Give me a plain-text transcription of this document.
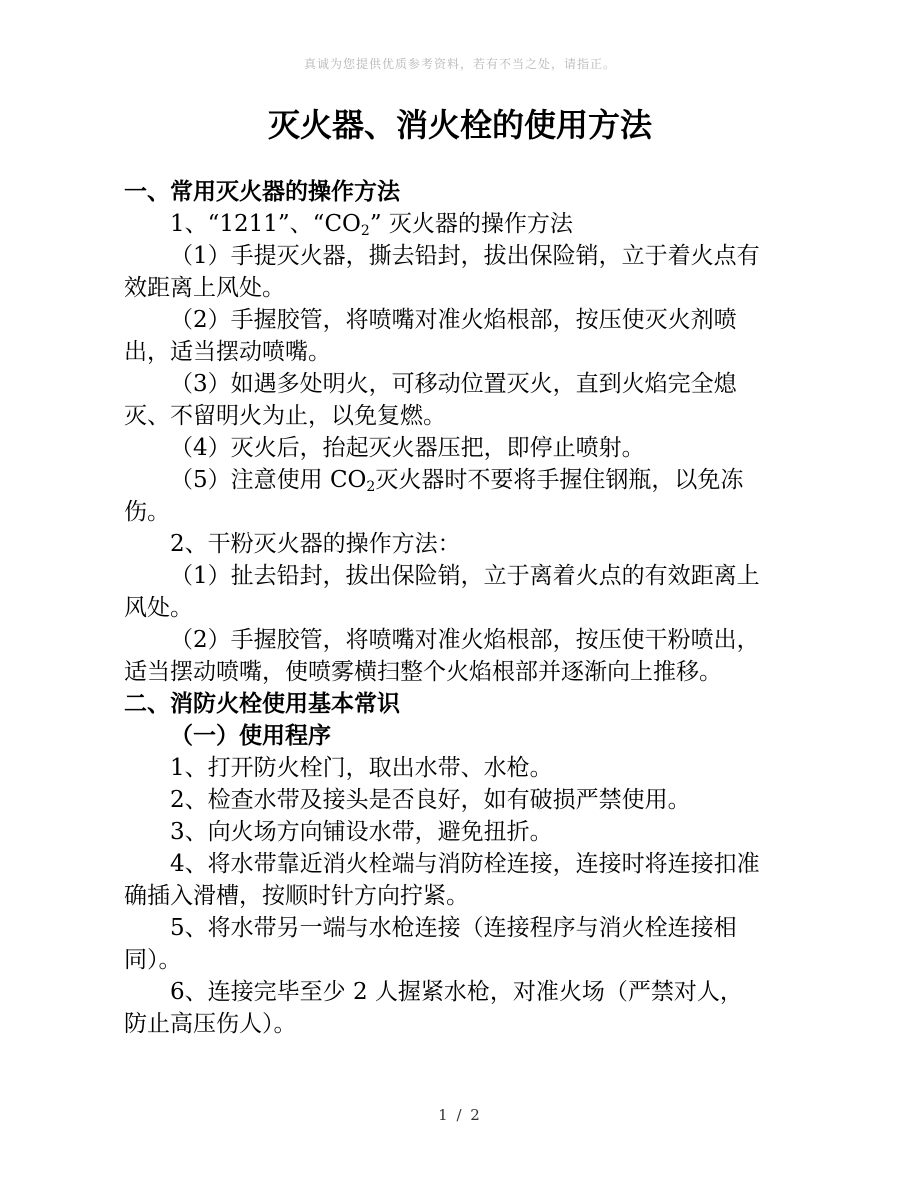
真诚为您提供优质参考资料，若有不当之处，请指正。
灭火器、消火栓的使用方法

一、常用灭火器的操作方法

1、“1211”、“$CO_2$” 灭火器的操作方法

（1）手提灭火器，撕去铅封，拔出保险销，立于着火点有效距离上风处。

（2）手握胶管，将喷嘴对准火焰根部，按压使灭火剂喷出，适当摆动喷嘴。

（3）如遇多处明火，可移动位置灭火，直到火焰完全熄灭、不留明火为止，以免复燃。

（4）灭火后，抬起灭火器压把，即停止喷射。

（5）注意使用 $CO_2$灭火器时不要将手握住钢瓶，以免冻伤。

2、干粉灭火器的操作方法：

（1）扯去铅封，拔出保险销，立于离着火点的有效距离上风处。

（2）手握胶管，将喷嘴对准火焰根部，按压使干粉喷出，适当摆动喷嘴，使喷雾横扫整个火焰根部并逐渐向上推移。

二、消防火栓使用基本常识

（一）使用程序

1、打开防火栓门，取出水带、水枪。

2、检查水带及接头是否良好，如有破损严禁使用。

3、向火场方向铺设水带，避免扭折。

4、将水带靠近消火栓端与消防栓连接，连接时将连接扣准确插入滑槽，按顺时针方向拧紧。

5、将水带另一端与水枪连接（连接程序与消火栓连接相同）。

6、连接完毕至少 2 人握紧水枪，对准火场（严禁对人，防止高压伤人）。

1 / 2
